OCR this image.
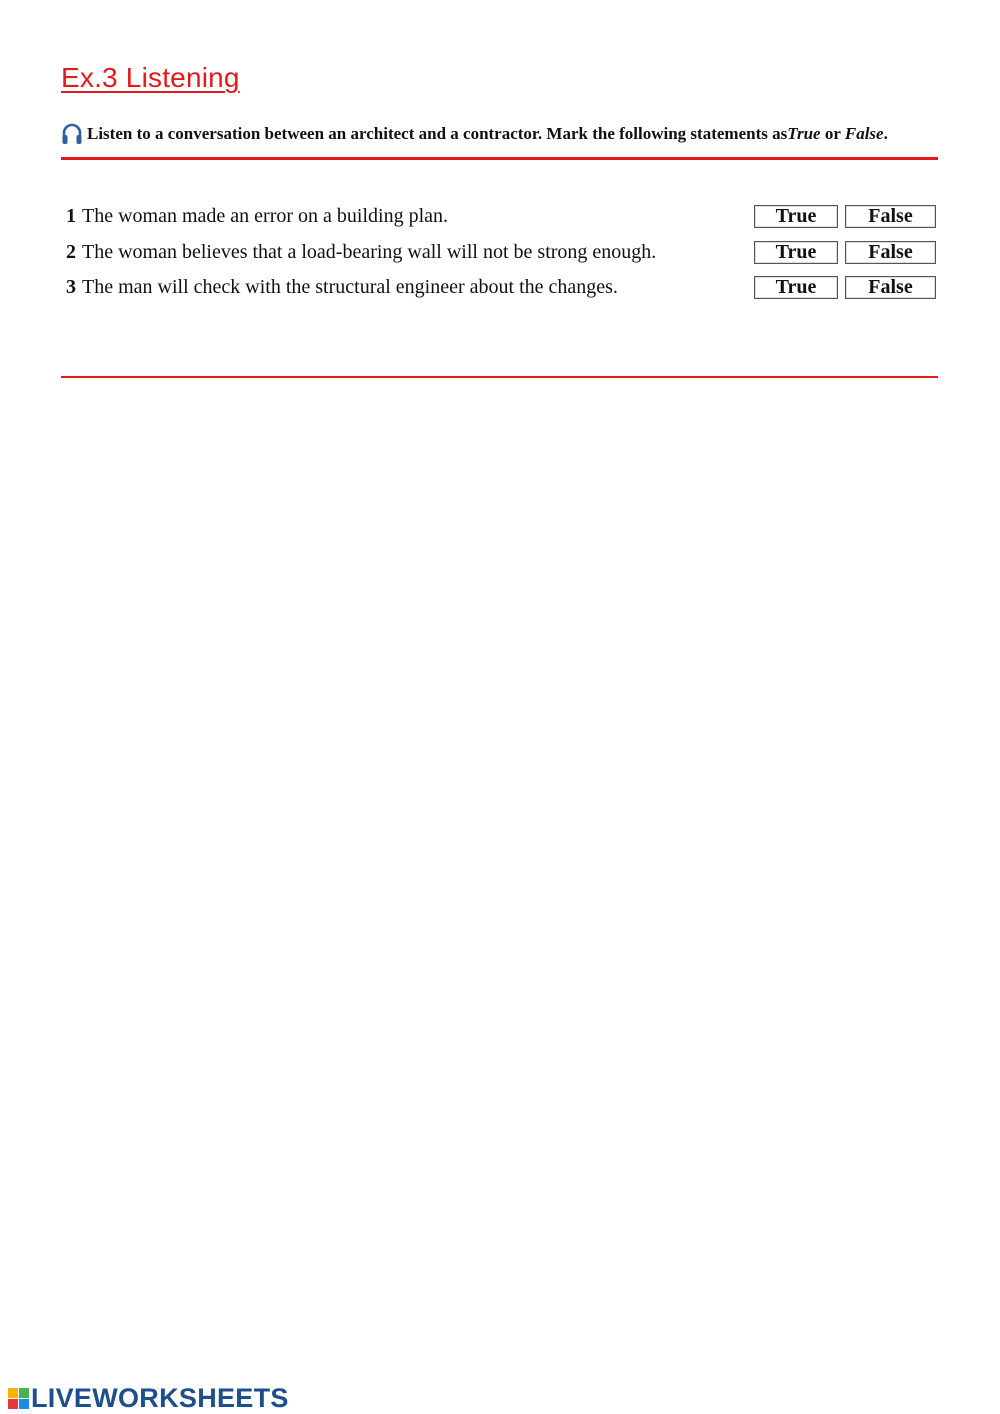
Ex.3 Listening
Listen to a conversation between an architect and a contractor. Mark the following statements as True or False .
1 The woman made an error on a building plan.	True	False
2 The woman believes that a load-bearing wall will not be strong enough.	True	False
3 The man will check with the structural engineer about the changes.	True	False
LIVEWORKSHEETS
